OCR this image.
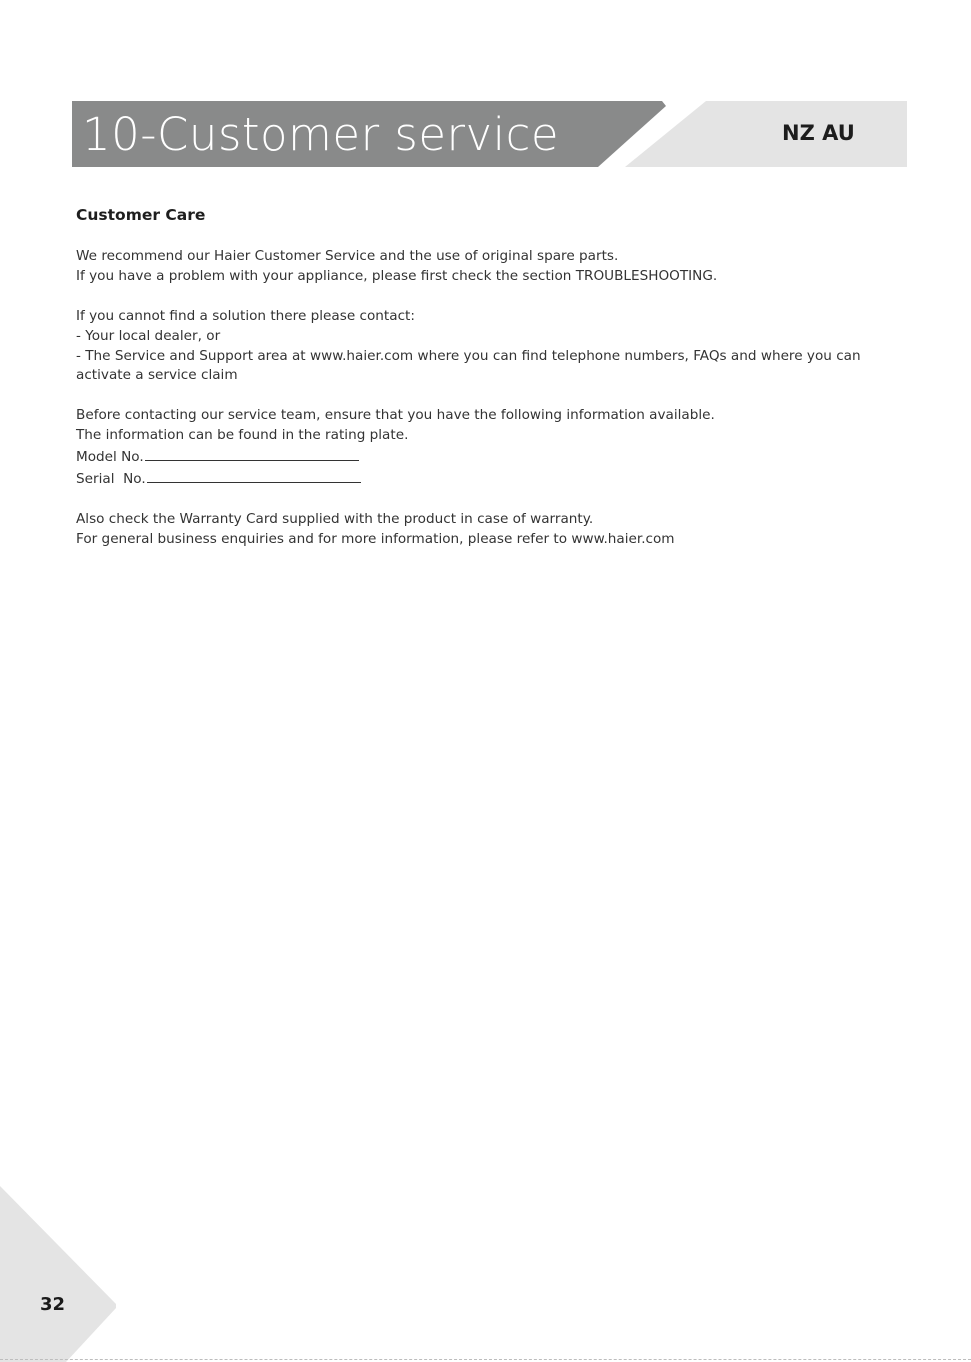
10-Customer service	NZ AU
Customer Care

We recommend our Haier Customer Service and the use of original spare parts.
If you have a problem with your appliance, please first check the section TROUBLESHOOTING.

If you cannot find a solution there please contact:
- Your local dealer, or
- The Service and Support area at www.haier.com where you can find telephone numbers, FAQs and where you can activate a service claim

Before contacting our service team, ensure that you have the following information available.
The information can be found in the rating plate.
Model No.
Serial  No.

Also check the Warranty Card supplied with the product in case of warranty.
For general business enquiries and for more information, please refer to www.haier.com

32
